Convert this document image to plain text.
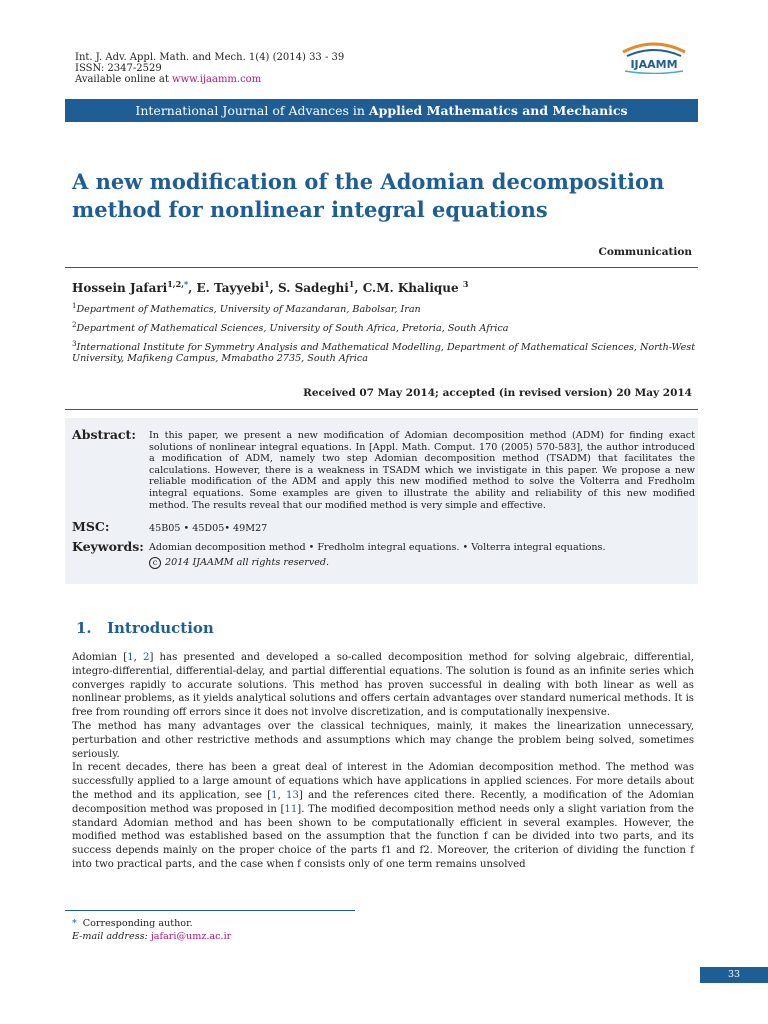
Int. J. Adv. Appl. Math. and Mech. 1(4) (2014) 33 - 39
ISSN: 2347-2529
Available online at www.ijaamm.com
IJAAMM
International Journal of Advances in Applied Mathematics and Mechanics
A new modification of the Adomian decomposition
method for nonlinear integral equations
Communication
Hossein Jafari$^{1,2,*}$, E. Tayyebi$^1$, S. Sadeghi$^1$, C.M. Khalique $^3$
$^1$Department of Mathematics, University of Mazandaran, Babolsar, Iran
$^2$Department of Mathematical Sciences, University of South Africa, Pretoria, South Africa
$^3$International Institute for Symmetry Analysis and Mathematical Modelling, Department of Mathematical Sciences, North-West University, Mafikeng Campus, Mmabatho 2735, South Africa
Received 07 May 2014; accepted (in revised version) 20 May 2014
Abstract: In this paper, we present a new modification of Adomian decomposition method (ADM) for finding exact solutions of nonlinear integral equations. In [Appl. Math. Comput. 170 (2005) 570-583], the author introduced a modification of ADM, namely two step Adomian decomposition method (TSADM) that facilitates the calculations. However, there is a weakness in TSADM which we invistigate in this paper. We propose a new reliable modification of the ADM and apply this new modified method to solve the Volterra and Fredholm integral equations. Some examples are given to illustrate the ability and reliability of this new modified method. The results reveal that our modified method is very simple and effective.
MSC:	45B05 • 45D05• 49M27
Keywords: Adomian decomposition method • Fredholm integral equations. • Volterra integral equations.
c 2014 IJAAMM all rights reserved.
1. Introduction

Adomian [1, 2] has presented and developed a so-called decomposition method for solving algebraic, differential, integro-differential, differential-delay, and partial differential equations. The solution is found as an infinite series which converges rapidly to accurate solutions. This method has proven successful in dealing with both linear as well as nonlinear problems, as it yields analytical solutions and offers certain advantages over standard numerical methods. It is free from rounding off errors since it does not involve discretization, and is computationally inexpensive.

The method has many advantages over the classical techniques, mainly, it makes the linearization unnecessary, perturbation and other restrictive methods and assumptions which may change the problem being solved, sometimes seriously.

In recent decades, there has been a great deal of interest in the Adomian decomposition method. The method was successfully applied to a large amount of equations which have applications in applied sciences. For more details about the method and its application, see [1, 13] and the references cited there. Recently, a modification of the Adomian decomposition method was proposed in [11]. The modified decomposition method needs only a slight variation from the standard Adomian method and has been shown to be computationally efficient in several examples. However, the modified method was established based on the assumption that the function f can be divided into two parts, and its success depends mainly on the proper choice of the parts f1 and f2. Moreover, the criterion of dividing the function f into two practical parts, and the case when f consists only of one term remains unsolved

* Corresponding author.
E-mail address: jafari@umz.ac.ir
33
